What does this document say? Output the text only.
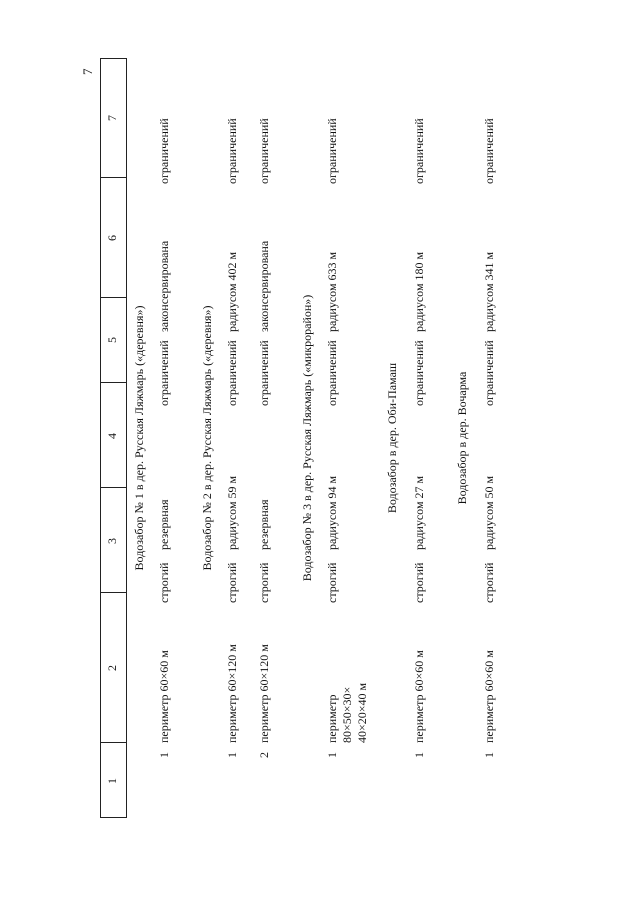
7
1
2
3
4
5
6
7
Водозабор № 1 в дер. Русская Ляжмарь («деревня»)
1
периметр 60×60 м
строгий
резервная
ограничений
законсервирована
ограничений
Водозабор № 2 в дер. Русская Ляжмарь («деревня»)
1
периметр 60×120 м
строгий
радиусом 59 м
ограничений
радиусом 402 м
ограничений
2
периметр 60×120 м
строгий
резервная
ограничений
законсервирована
ограничений
Водозабор № 3 в дер. Русская Ляжмарь («микрорайон»)
1
периметр 80×50×30× 40×20×40 м
строгий
радиусом 94 м
ограничений
радиусом 633 м
ограничений
Водозабор в дер. Оби-Памаш
1
периметр 60×60 м
строгий
радиусом 27 м
ограничений
радиусом 180 м
ограничений
Водозабор в дер. Вочарма
1
периметр 60×60 м
строгий
радиусом 50 м
ограничений
радиусом 341 м
ограничений
